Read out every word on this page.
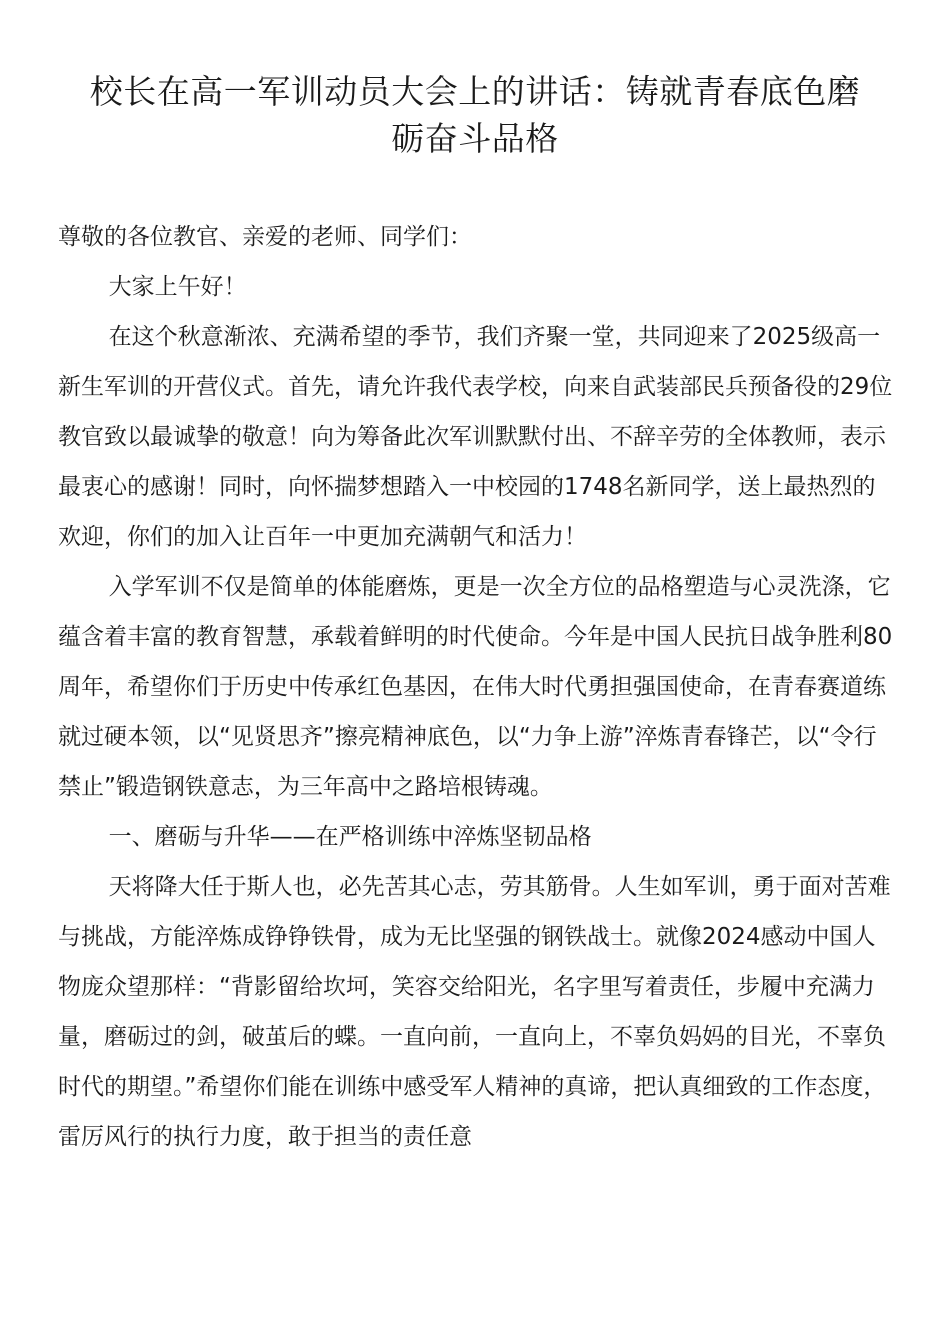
校长在高一军训动员大会上的讲话：铸就青春底色磨
砺奋斗品格

尊敬的各位教官、亲爱的老师、同学们：

大家上午好！

在这个秋意渐浓、充满希望的季节，我们齐聚一堂，共同迎来了2025级高一新生军训的开营仪式。首先，请允许我代表学校，向来自武装部民兵预备役的29位教官致以最诚挚的敬意！向为筹备此次军训默默付出、不辞辛劳的全体教师，表示最衷心的感谢！同时，向怀揣梦想踏入一中校园的1748名新同学，送上最热烈的欢迎，你们的加入让百年一中更加充满朝气和活力！

入学军训不仅是简单的体能磨炼，更是一次全方位的品格塑造与心灵洗涤，它蕴含着丰富的教育智慧，承载着鲜明的时代使命。今年是中国人民抗日战争胜利80周年，希望你们于历史中传承红色基因，在伟大时代勇担强国使命，在青春赛道练就过硬本领，以“见贤思齐”擦亮精神底色，以“力争上游”淬炼青春锋芒，以“令行禁止”锻造钢铁意志，为三年高中之路培根铸魂。

一、磨砺与升华——在严格训练中淬炼坚韧品格

天将降大任于斯人也，必先苦其心志，劳其筋骨。人生如军训，勇于面对苦难与挑战，方能淬炼成铮铮铁骨，成为无比坚强的钢铁战士。就像2024感动中国人物庞众望那样：“背影留给坎坷，笑容交给阳光，名字里写着责任，步履中充满力量，磨砺过的剑，破茧后的蝶。一直向前，一直向上，不辜负妈妈的目光，不辜负时代的期望。”希望你们能在训练中感受军人精神的真谛，把认真细致的工作态度，雷厉风行的执行力度，敢于担当的责任意
